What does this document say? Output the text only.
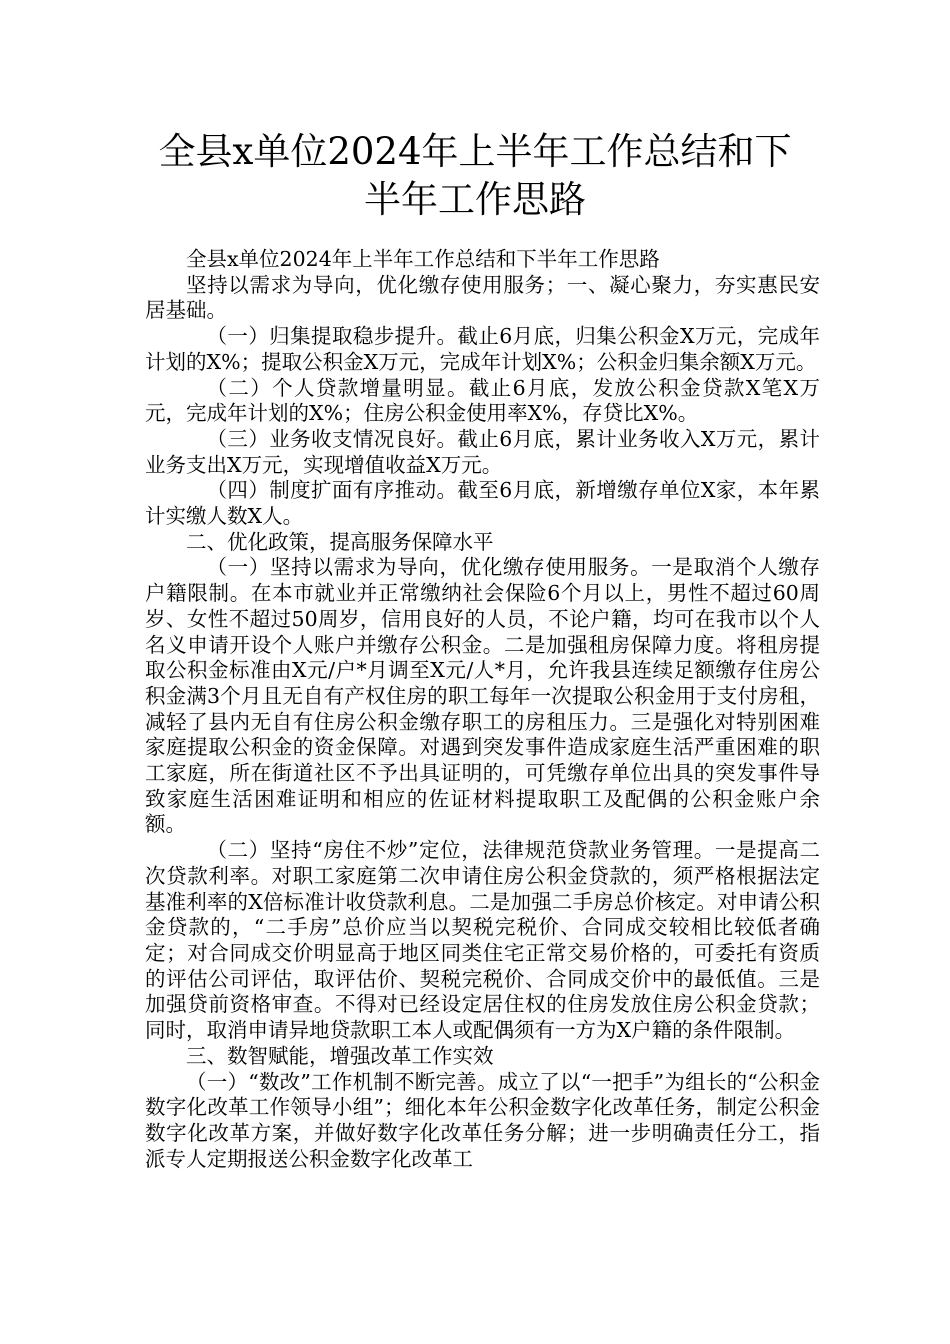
全县x单位2024年上半年工作总结和下半年工作思路

全县x单位2024年上半年工作总结和下半年工作思路

坚持以需求为导向，优化缴存使用服务；一、凝心聚力，夯实惠民安居基础。

（一）归集提取稳步提升。截止6月底，归集公积金X万元，完成年计划的X%；提取公积金X万元，完成年计划X%；公积金归集余额X万元。

（二）个人贷款增量明显。截止6月底，发放公积金贷款X笔X万元，完成年计划的X%；住房公积金使用率X%，存贷比X%。

（三）业务收支情况良好。截止6月底，累计业务收入X万元，累计业务支出X万元，实现增值收益X万元。

（四）制度扩面有序推动。截至6月底，新增缴存单位X家，本年累计实缴人数X人。

二、优化政策，提高服务保障水平

（一）坚持以需求为导向，优化缴存使用服务。一是取消个人缴存户籍限制。在本市就业并正常缴纳社会保险6个月以上，男性不超过60周岁、女性不超过50周岁，信用良好的人员，不论户籍，均可在我市以个人名义申请开设个人账户并缴存公积金。二是加强租房保障力度。将租房提取公积金标准由X元/户*月调至X元/人*月，允许我县连续足额缴存住房公积金满3个月且无自有产权住房的职工每年一次提取公积金用于支付房租，减轻了县内无自有住房公积金缴存职工的房租压力。三是强化对特别困难家庭提取公积金的资金保障。对遇到突发事件造成家庭生活严重困难的职工家庭，所在街道社区不予出具证明的，可凭缴存单位出具的突发事件导致家庭生活困难证明和相应的佐证材料提取职工及配偶的公积金账户余额。

（二）坚持“房住不炒”定位，法律规范贷款业务管理。一是提高二次贷款利率。对职工家庭第二次申请住房公积金贷款的，须严格根据法定基准利率的X倍标准计收贷款利息。二是加强二手房总价核定。对申请公积金贷款的，“二手房”总价应当以契税完税价、合同成交较相比较低者确定；对合同成交价明显高于地区同类住宅正常交易价格的，可委托有资质的评估公司评估，取评估价、契税完税价、合同成交价中的最低值。三是加强贷前资格审查。不得对已经设定居住权的住房发放住房公积金贷款；同时，取消申请异地贷款职工本人或配偶须有一方为X户籍的条件限制。

三、数智赋能，增强改革工作实效

（一）“数改”工作机制不断完善。成立了以“一把手”为组长的“公积金数字化改革工作领导小组”；细化本年公积金数字化改革任务，制定公积金数字化改革方案，并做好数字化改革任务分解；进一步明确责任分工，指派专人定期报送公积金数字化改革工
